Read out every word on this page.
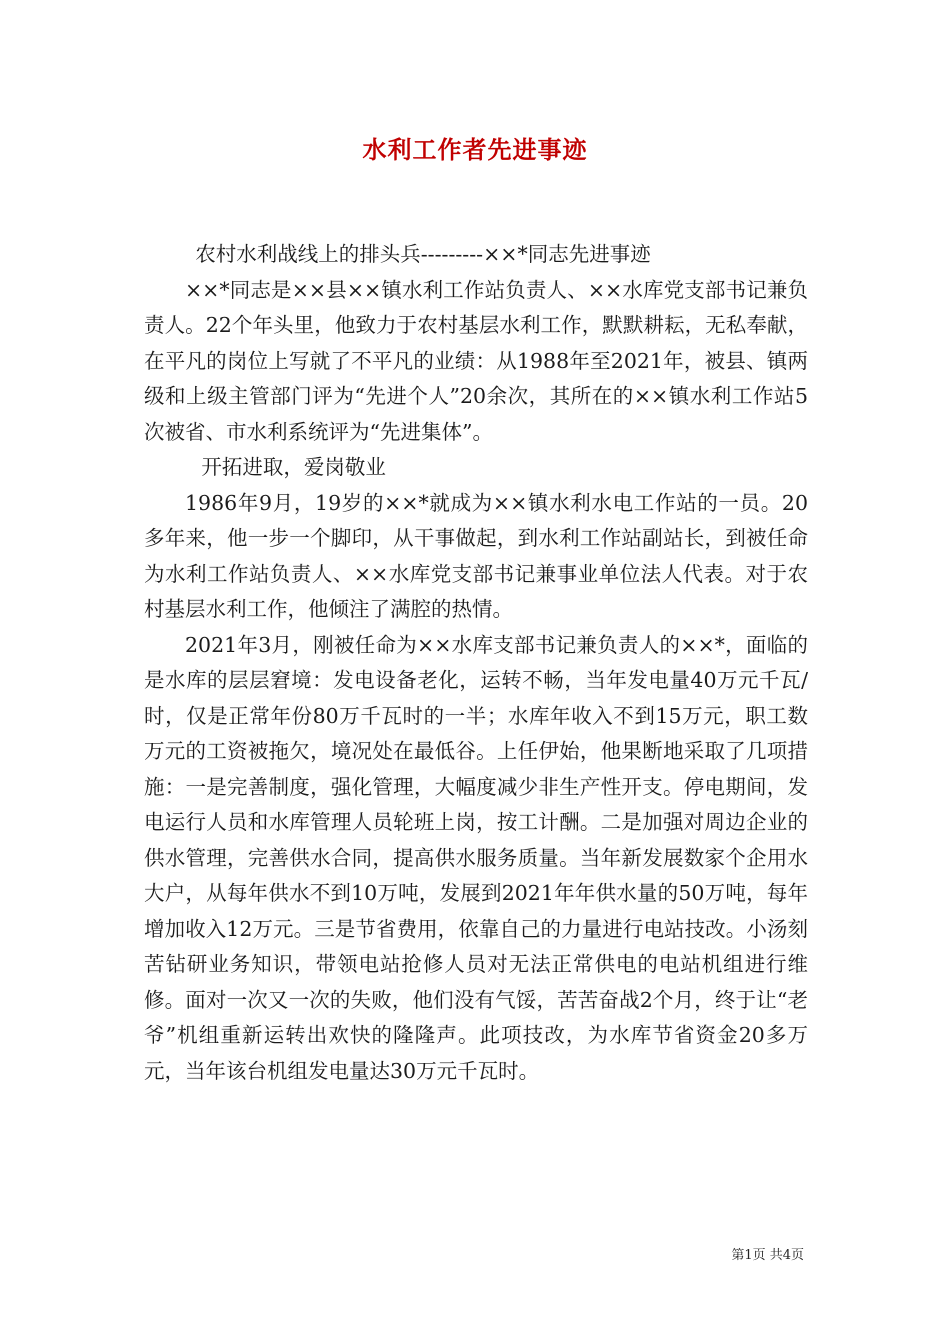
水利工作者先进事迹

农村水利战线上的排头兵---------××*同志先进事迹

××*同志是××县××镇水利工作站负责人、××水库党支部书记兼负责人。22个年头里，他致力于农村基层水利工作，默默耕耘，无私奉献，在平凡的岗位上写就了不平凡的业绩：从1988年至2021年，被县、镇两级和上级主管部门评为“先进个人”20余次，其所在的××镇水利工作站5次被省、市水利系统评为“先进集体”。

开拓进取，爱岗敬业

1986年9月，19岁的××*就成为××镇水利水电工作站的一员。20多年来，他一步一个脚印，从干事做起，到水利工作站副站长，到被任命为水利工作站负责人、××水库党支部书记兼事业单位法人代表。对于农村基层水利工作，他倾注了满腔的热情。

2021年3月，刚被任命为××水库支部书记兼负责人的××*，面临的是水库的层层窘境：发电设备老化，运转不畅，当年发电量40万元千瓦/时，仅是正常年份80万千瓦时的一半；水库年收入不到15万元，职工数万元的工资被拖欠，境况处在最低谷。上任伊始，他果断地采取了几项措施：一是完善制度，强化管理，大幅度减少非生产性开支。停电期间，发电运行人员和水库管理人员轮班上岗，按工计酬。二是加强对周边企业的供水管理，完善供水合同，提高供水服务质量。当年新发展数家个企用水大户，从每年供水不到10万吨，发展到2021年年供水量的50万吨，每年增加收入12万元。三是节省费用，依靠自己的力量进行电站技改。小汤刻苦钻研业务知识，带领电站抢修人员对无法正常供电的电站机组进行维修。面对一次又一次的失败，他们没有气馁，苦苦奋战2个月，终于让“老爷”机组重新运转出欢快的隆隆声。此项技改，为水库节省资金20多万元，当年该台机组发电量达30万元千瓦时。

第1页 共4页
